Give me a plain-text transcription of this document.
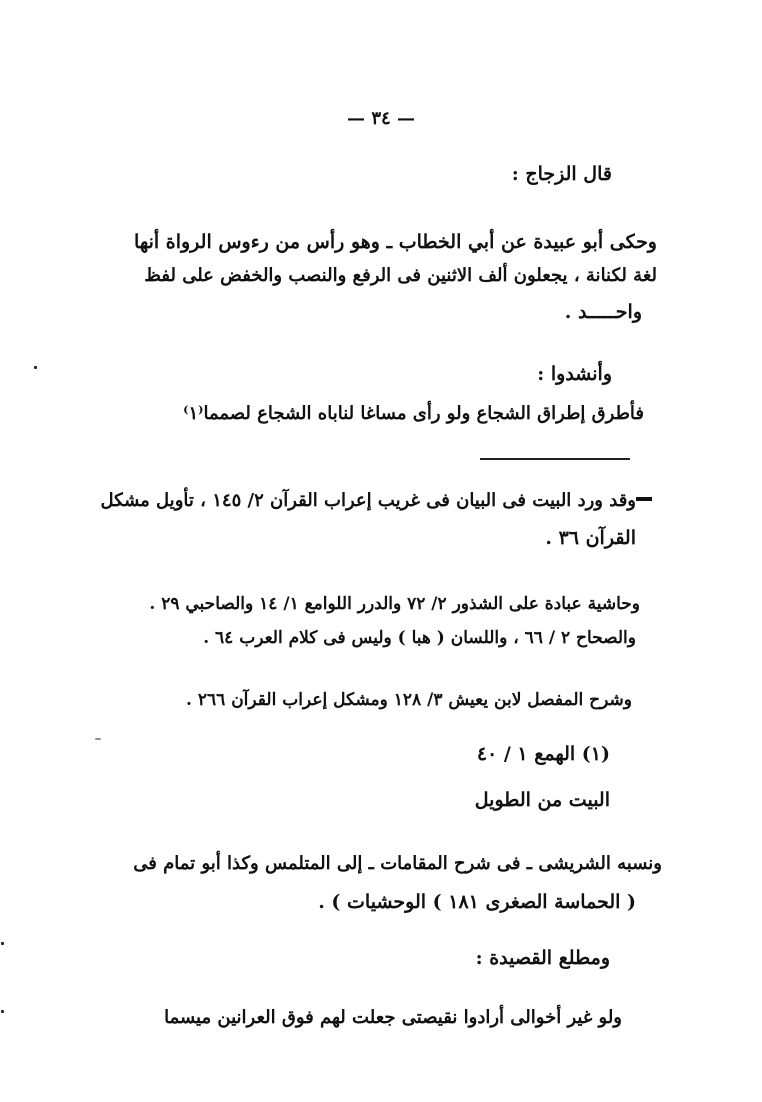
— ٣٤ —
قال الزجاج :
وحكى أبو عبيدة عن أبي الخطاب ـ وهو رأس من رءوس الرواة أنها
لغة لكنانة ، يجعلون ألف الاثنين فى الرفع والنصب والخفض على لفظ
واحـــــد .
وأنشدوا :
فأطرق إطراق الشجاع ولو رأى مساغا لناباه الشجاع لصمما⁽١⁾
وقد ورد البيت فى البيان فى غريب إعراب القرآن ٢/ ١٤٥ ، تأويل مشكل
القرآن ٣٦ .
وحاشية عبادة على الشذور ٢/ ٧٢ والدرر اللوامع ١/ ١٤ والصاحبي ٢٩ .
والصحاح ٢ / ٦٦ ، واللسان ( هبا ) وليس فى كلام العرب ٦٤ .
وشرح المفصل لابن يعيش ٣/ ١٢٨ ومشكل إعراب القرآن ٢٦٦ .
(١) الهمع ١ / ٤٠
البيت من الطويل
ونسبه الشريشى ـ فى شرح المقامات ـ إلى المتلمس وكذا أبو تمام فى
( الحماسة الصغرى ١٨١ ) الوحشيات ) .
ومطلع القصيدة :
ولو غير أخوالى أرادوا نقيصتى جعلت لهم فوق العرانين ميسما
